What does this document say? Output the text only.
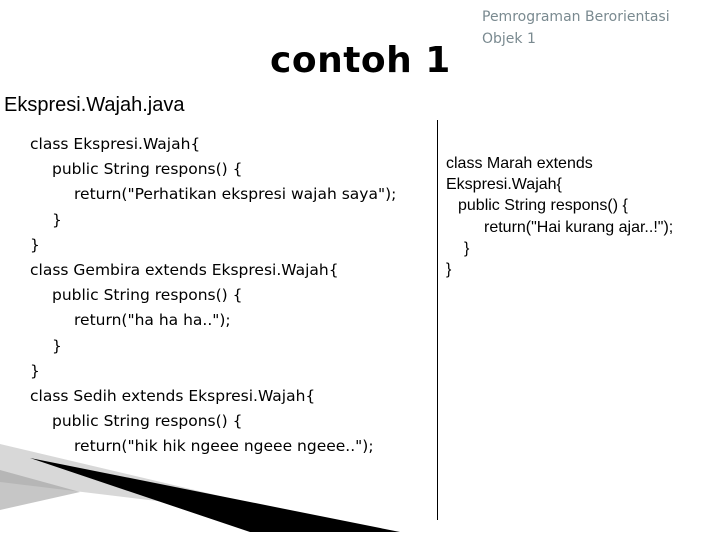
Pemrograman Berorientasi
Objek 1
contoh 1
Ekspresi.Wajah.java
class Ekspresi.Wajah{
public String respons() {
return("Perhatikan ekspresi wajah saya");
}
}
class Gembira extends Ekspresi.Wajah{
public String respons() {
return("ha ha ha..");
}
}
class Sedih extends Ekspresi.Wajah{
public String respons() {
return("hik hik ngeee ngeee ngeee..");
class Marah extends
Ekspresi.Wajah{
public String respons() {
return("Hai kurang ajar..!");
}
}
